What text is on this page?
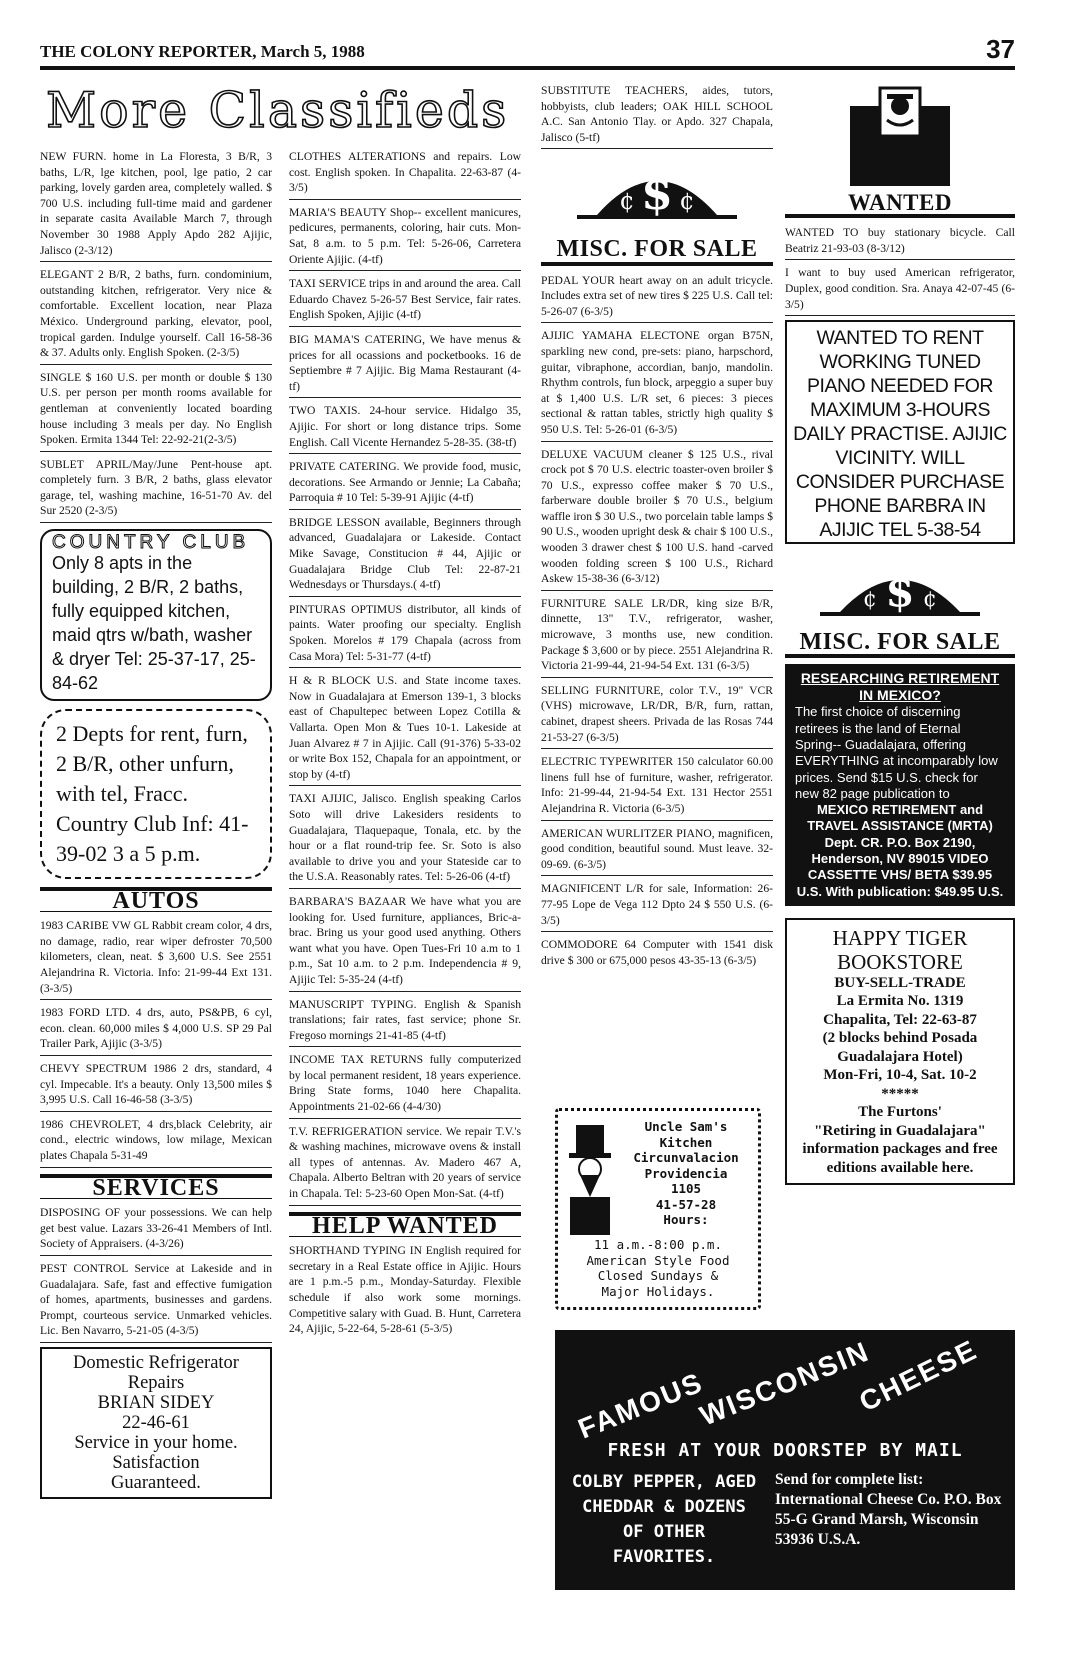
THE COLONY REPORTER, March 5, 1988	37
More Classifieds
NEW FURN. home in La Floresta, 3 B/R, 3 baths, L/R, lge kitchen, pool, lge patio, 2 car parking, lovely garden area, completely walled. $ 700 U.S. including full-time maid and gardener in separate casita Available March 7, through November 30 1988 Apply Apdo 282 Ajijic, Jalisco (2-3/12)
ELEGANT 2 B/R, 2 baths, furn. condominium, outstanding kitchen, refrigerator. Very nice & comfortable. Excellent location, near Plaza México. Underground parking, elevator, pool, tropical garden. Indulge yourself. Call 16-58-36 & 37. Adults only. English Spoken. (2-3/5)
SINGLE $ 160 U.S. per month or double $ 130 U.S. per person per month rooms available for gentleman at conveniently located boarding house including 3 meals per day. No English Spoken. Ermita 1344 Tel: 22-92-21(2-3/5)
SUBLET APRIL/May/June Pent-house apt. completely furn. 3 B/R, 2 baths, glass elevator garage, tel, washing machine, 16-51-70 Av. del Sur 2520 (2-3/5)
COUNTRY CLUB
Only 8 apts in the building, 2 B/R, 2 baths, fully equipped kitchen, maid qtrs w/bath, washer & dryer Tel: 25-37-17, 25-84-62
2 Depts for rent, furn, 2 B/R, other unfurn, with tel, Fracc. Country Club Inf: 41-39-02 3 a 5 p.m.
AUTOS
1983 CARIBE VW GL Rabbit cream color, 4 drs, no damage, radio, rear wiper defroster 70,500 kilometers, clean, neat. $ 3,600 U.S. See 2551 Alejandrina R. Victoria. Info: 21-99-44 Ext 131. (3-3/5)
1983 FORD LTD. 4 drs, auto, PS&PB, 6 cyl, econ. clean. 60,000 miles $ 4,000 U.S. SP 29 Pal Trailer Park, Ajijic (3-3/5)
CHEVY SPECTRUM 1986 2 drs, standard, 4 cyl. Impecable. It's a beauty. Only 13,500 miles $ 3,995 U.S. Call 16-46-58 (3-3/5)
1986 CHEVROLET, 4 drs,black Celebrity, air cond., electric windows, low milage, Mexican plates Chapala 5-31-49
SERVICES
DISPOSING OF your possessions. We can help get best value. Lazars 33-26-41 Members of Intl. Society of Appraisers. (4-3/26)
PEST CONTROL Service at Lakeside and in Guadalajara. Safe, fast and effective fumigation of homes, apartments, businesses and gardens. Prompt, courteous service. Unmarked vehicles. Lic. Ben Navarro, 5-21-05 (4-3/5)
Domestic Refrigerator
Repairs
BRIAN SIDEY
22-46-61
Service in your home.
Satisfaction
Guaranteed.
CLOTHES ALTERATIONS and repairs. Low cost. English spoken. In Chapalita. 22-63-87 (4-3/5)
MARIA'S BEAUTY Shop-- excellent manicures, pedicures, permanents, coloring, hair cuts. Mon-Sat, 8 a.m. to 5 p.m. Tel: 5-26-06, Carretera Oriente Ajijic. (4-tf)
TAXI SERVICE trips in and around the area. Call Eduardo Chavez 5-26-57 Best Service, fair rates. English Spoken, Ajijic (4-tf)
BIG MAMA'S CATERING, We have menus & prices for all ocassions and pocketbooks. 16 de Septiembre # 7 Ajijic. Big Mama Restaurant (4-tf)
TWO TAXIS. 24-hour service. Hidalgo 35, Ajijic. For short or long distance trips. Some English. Call Vicente Hernandez 5-28-35. (38-tf)
PRIVATE CATERING. We provide food, music, decorations. See Armando or Jennie; La Cabaña; Parroquia # 10 Tel: 5-39-91 Ajijic (4-tf)
BRIDGE LESSON available, Beginners through advanced, Guadalajara or Lakeside. Contact Mike Savage, Constitucion # 44, Ajijic or Guadalajara Bridge Club Tel: 22-87-21 Wednesdays or Thursdays.( 4-tf)
PINTURAS OPTIMUS distributor, all kinds of paints. Water proofing our specialty. English Spoken. Morelos # 179 Chapala (across from Casa Mora) Tel: 5-31-77 (4-tf)
H & R BLOCK U.S. and State income taxes. Now in Guadalajara at Emerson 139-1, 3 blocks east of Chapultepec between Lopez Cotilla & Vallarta. Open Mon & Tues 10-1. Lakeside at Juan Alvarez # 7 in Ajijic. Call (91-376) 5-33-02 or write Box 152, Chapala for an appointment, or stop by (4-tf)
TAXI AJIJIC, Jalisco. English speaking Carlos Soto will drive Lakesiders residents to Guadalajara, Tlaquepaque, Tonala, etc. by the hour or a flat round-trip fee. Sr. Soto is also available to drive you and your Stateside car to the U.S.A. Reasonably rates. Tel: 5-26-06 (4-tf)
BARBARA'S BAZAAR We have what you are looking for. Used furniture, appliances, Bric-a-brac. Bring us your good used anything. Others want what you have. Open Tues-Fri 10 a.m to 1 p.m., Sat 10 a.m. to 2 p.m. Independencia # 9, Ajijic Tel: 5-35-24 (4-tf)
MANUSCRIPT TYPING. English & Spanish translations; fair rates, fast service; phone Sr. Fregoso mornings 21-41-85 (4-tf)
INCOME TAX RETURNS fully computerized by local permanent resident, 18 years experience. Bring State forms, 1040 here Chapalita. Appointments 21-02-66 (4-4/30)
T.V. REFRIGERATION service. We repair T.V.'s & washing machines, microwave ovens & install all types of antennas. Av. Madero 467 A, Chapala. Alberto Beltran with 20 years of service in Chapala. Tel: 5-23-60 Open Mon-Sat. (4-tf)
HELP WANTED
SHORTHAND TYPING IN English required for secretary in a Real Estate office in Ajijic. Hours are 1 p.m.-5 p.m., Monday-Saturday. Flexible schedule if also work some mornings. Competitive salary with Guad. B. Hunt, Carretera 24, Ajijic, 5-22-64, 5-28-61 (5-3/5)
SUBSTITUTE TEACHERS, aides, tutors, hobbyists, club leaders; OAK HILL SCHOOL A.C. San Antonio Tlay. or Apdo. 327 Chapala, Jalisco (5-tf)
$
¢ ¢
MISC. FOR SALE
PEDAL YOUR heart away on an adult tricycle. Includes extra set of new tires $ 225 U.S. Call tel: 5-26-07 (6-3/5)
AJIJIC YAMAHA ELECTONE organ B75N, sparkling new cond, pre-sets: piano, harpschord, guitar, vibraphone, accordian, banjo, mandolin. Rhythm controls, fun block, arpeggio a super buy at $ 1,400 U.S. L/R set, 6 pieces: 3 pieces sectional & rattan tables, strictly high quality $ 950 U.S. Tel: 5-26-01 (6-3/5)
DELUXE VACUUM cleaner $ 125 U.S., rival crock pot $ 70 U.S. electric toaster-oven broiler $ 70 U.S., expresso coffee maker $ 70 U.S., farberware double broiler $ 70 U.S., belgium waffle iron $ 30 U.S., two porcelain table lamps $ 90 U.S., wooden upright desk & chair $ 100 U.S., wooden 3 drawer chest $ 100 U.S. hand -carved wooden folding screen $ 100 U.S., Richard Askew 15-38-36 (6-3/12)
FURNITURE SALE LR/DR, king size B/R, dinnette, 13" T.V., refrigerator, washer, microwave, 3 months use, new condition. Package $ 3,600 or by piece. 2551 Alejandrina R. Victoria 21-99-44, 21-94-54 Ext. 131 (6-3/5)
SELLING FURNITURE, color T.V., 19" VCR (VHS) microwave, LR/DR, B/R, furn, rattan, cabinet, drapest sheers. Privada de las Rosas 744 21-53-27 (6-3/5)
ELECTRIC TYPEWRITER 150 calculator 60.00 linens full hse of furniture, washer, refrigerator. Info: 21-99-44, 21-94-54 Ext. 131 Hector 2551 Alejandrina R. Victoria (6-3/5)
AMERICAN WURLITZER PIANO, magnificen, good condition, beautiful sound. Must leave. 32-09-69. (6-3/5)
MAGNIFICENT L/R for sale, Information: 26-77-95 Lope de Vega 112 Dpto 24 $ 550 U.S. (6-3/5)
COMMODORE 64 Computer with 1541 disk drive $ 300 or 675,000 pesos 43-35-13 (6-3/5)
WANTED
WANTED TO buy stationary bicycle. Call Beatriz 21-93-03 (8-3/12)
I want to buy used American refrigerator, Duplex, good condition. Sra. Anaya 42-07-45 (6-3/5)
WANTED TO RENT WORKING TUNED PIANO NEEDED FOR MAXIMUM 3-HOURS DAILY PRACTISE. AJIJIC VICINITY. WILL CONSIDER PURCHASE PHONE BARBRA IN AJIJIC TEL 5-38-54
$
¢ ¢
MISC. FOR SALE
RESEARCHING RETIREMENT IN MEXICO?
The first choice of discerning retirees is the land of Eternal Spring-- Guadalajara, offering EVERYTHING at incomparably low prices. Send $15 U.S. check for new 82 page publication to
MEXICO RETIREMENT and TRAVEL ASSISTANCE (MRTA) Dept. CR. P.O. Box 2190, Henderson, NV 89015 VIDEO CASSETTE VHS/ BETA $39.95 U.S. With publication: $49.95 U.S.
HAPPY TIGER BOOKSTORE
BUY-SELL-TRADE
La Ermita No. 1319
Chapalita, Tel: 22-63-87
(2 blocks behind Posada Guadalajara Hotel)
Mon-Fri, 10-4, Sat. 10-2
*****
The Furtons'
"Retiring in Guadalajara"
information packages and free editions available here.
Uncle Sam's
Kitchen
Circunvalacion
Providencia
1105
41-57-28
Hours:
11 a.m.-8:00 p.m.
American Style Food
Closed Sundays &
Major Holidays.
FAMOUS
WISCONSIN
CHEESE
FRESH AT YOUR DOORSTEP BY MAIL
COLBY PEPPER, AGED CHEDDAR & DOZENS OF OTHER FAVORITES.
Send for complete list: International Cheese Co. P.O. Box 55-G Grand Marsh, Wisconsin 53936 U.S.A.
